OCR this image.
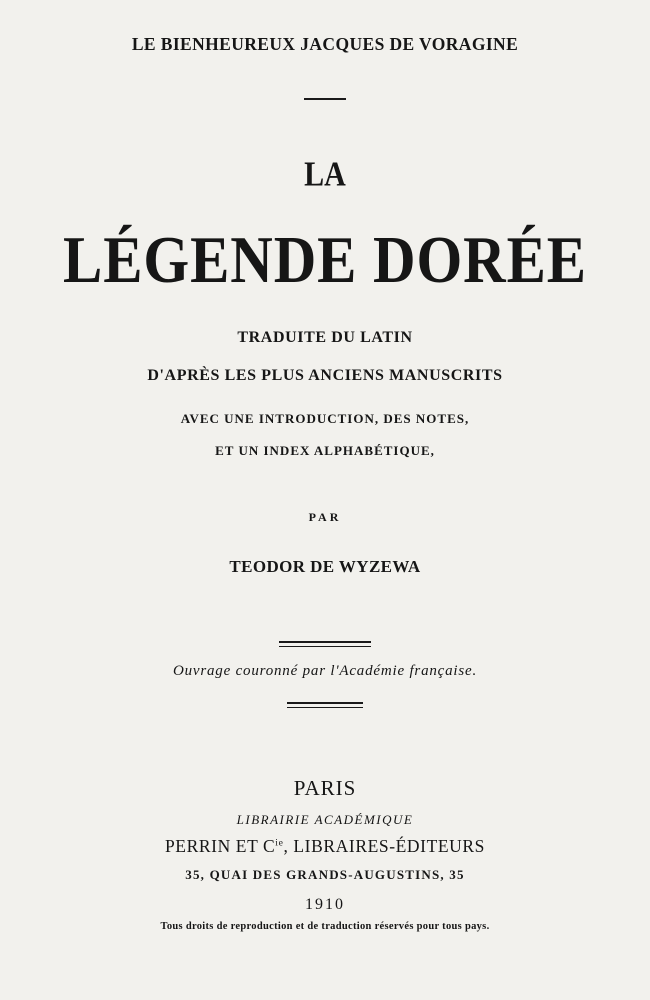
LE BIENHEUREUX JACQUES DE VORAGINE
LA
LÉGENDE DORÉE
TRADUITE DU LATIN
D'APRÈS LES PLUS ANCIENS MANUSCRITS
AVEC UNE INTRODUCTION, DES NOTES,
ET UN INDEX ALPHABÉTIQUE,
PAR
TEODOR DE WYZEWA
Ouvrage couronné par l'Académie française.
PARIS
LIBRAIRIE ACADÉMIQUE
PERRIN ET $C^{ie}$, LIBRAIRES-ÉDITEURS
35, QUAI DES GRANDS-AUGUSTINS, 35
1910
Tous droits de reproduction et de traduction réservés pour tous pays.
